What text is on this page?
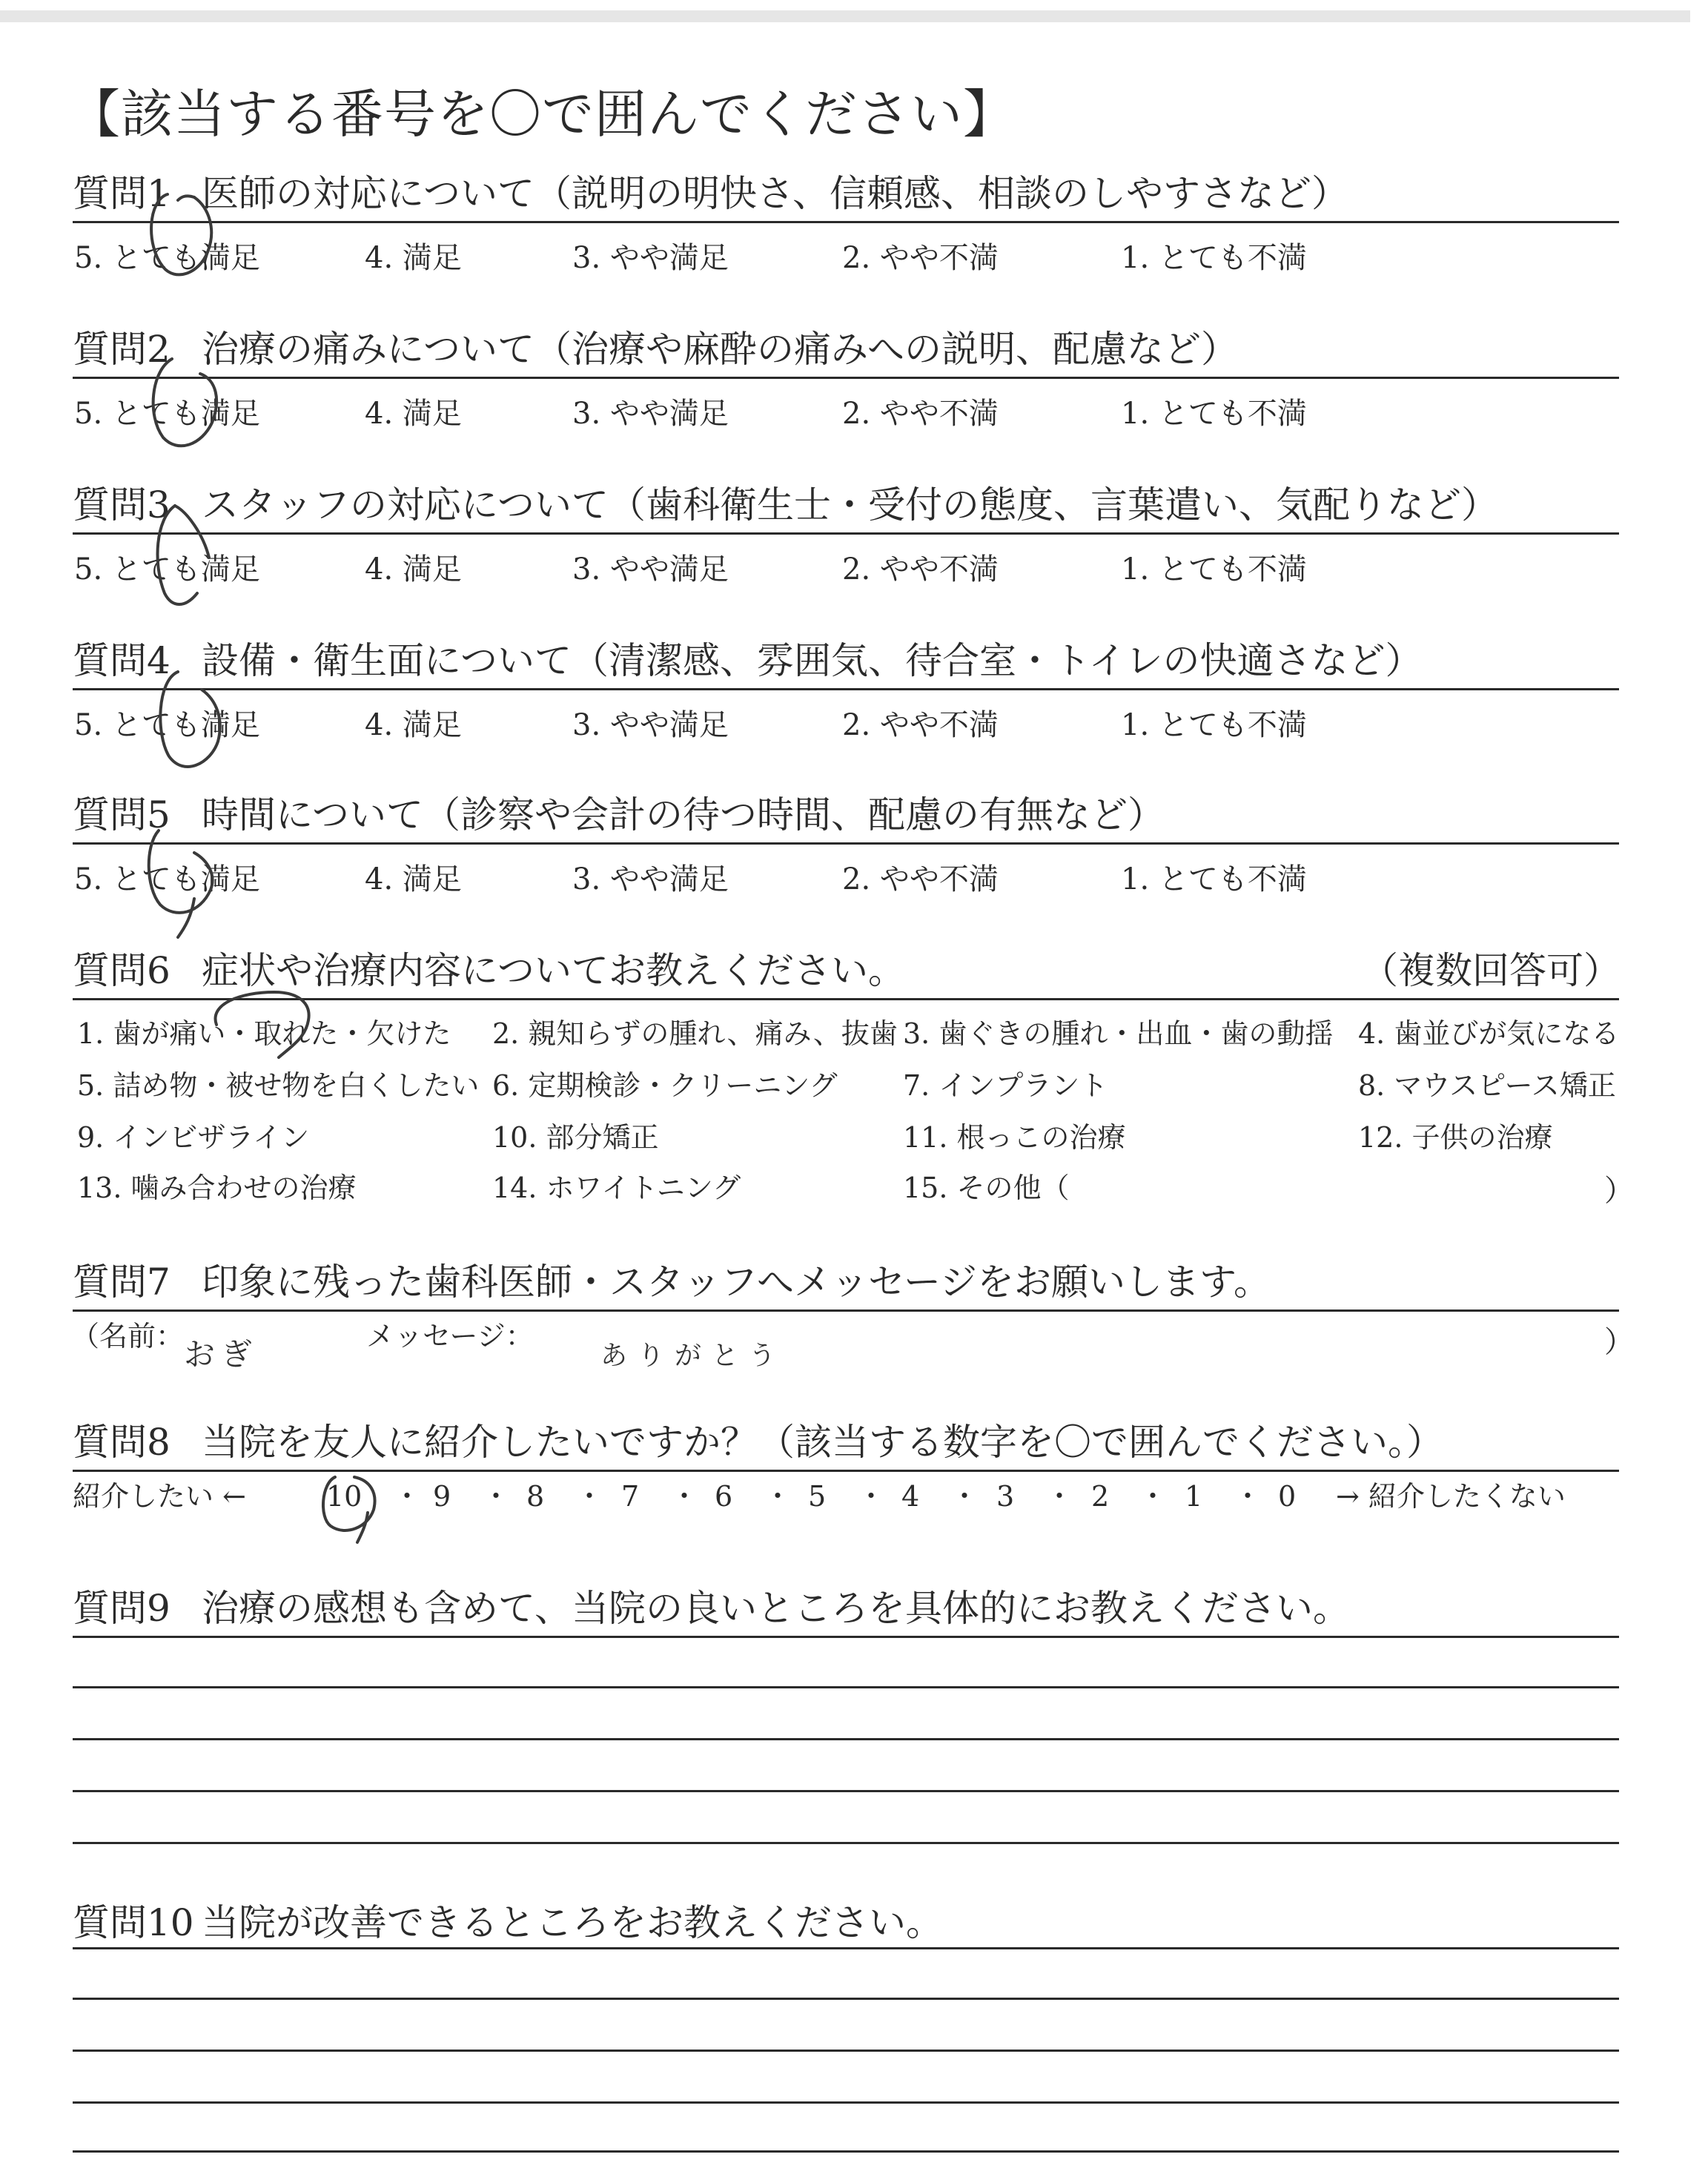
【該当する番号を〇で囲んでください】
質問1 医師の対応について（説明の明快さ、信頼感、相談のしやすさなど）
5. とても満足	4. 満足	3. やや満足	2. やや不満	1. とても不満
質問2 治療の痛みについて（治療や麻酔の痛みへの説明、配慮など）
5. とても満足	4. 満足	3. やや満足	2. やや不満	1. とても不満
質問3 スタッフの対応について（歯科衛生士・受付の態度、言葉遣い、気配りなど）
5. とても満足	4. 満足	3. やや満足	2. やや不満	1. とても不満
質問4 設備・衛生面について（清潔感、雰囲気、待合室・トイレの快適さなど）
5. とても満足	4. 満足	3. やや満足	2. やや不満	1. とても不満
質問5 時間について（診察や会計の待つ時間、配慮の有無など）
5. とても満足	4. 満足	3. やや満足	2. やや不満	1. とても不満
質問6 症状や治療内容についてお教えください。	（複数回答可）
1. 歯が痛い・取れた・欠けた 2. 親知らずの腫れ、痛み、抜歯 3. 歯ぐきの腫れ・出血・歯の動揺 4. 歯並びが気になる
5. 詰め物・被せ物を白くしたい 6. 定期検診・クリーニング 7. インプラント	8. マウスピース矯正
9. インビザライン	10. 部分矯正	11. 根っこの治療	12. 子供の治療
13. 噛み合わせの治療	14. ホワイトニング	15. その他（	）
質問7 印象に残った歯科医師・スタッフへメッセージをお願いします。
（名前： おぎ	メッセージ：
ありがとう	）
質問8 当院を友人に紹介したいですか？（該当する数字を〇で囲んでください。）
紹介したい ←	10 ・ 9 ・ 8 ・ 7 ・ 6 ・ 5 ・ 4 ・ 3 ・ 2 ・ 1 ・ 0 → 紹介したくない
質問9 治療の感想も含めて、当院の良いところを具体的にお教えください。
質問10 当院が改善できるところをお教えください。
